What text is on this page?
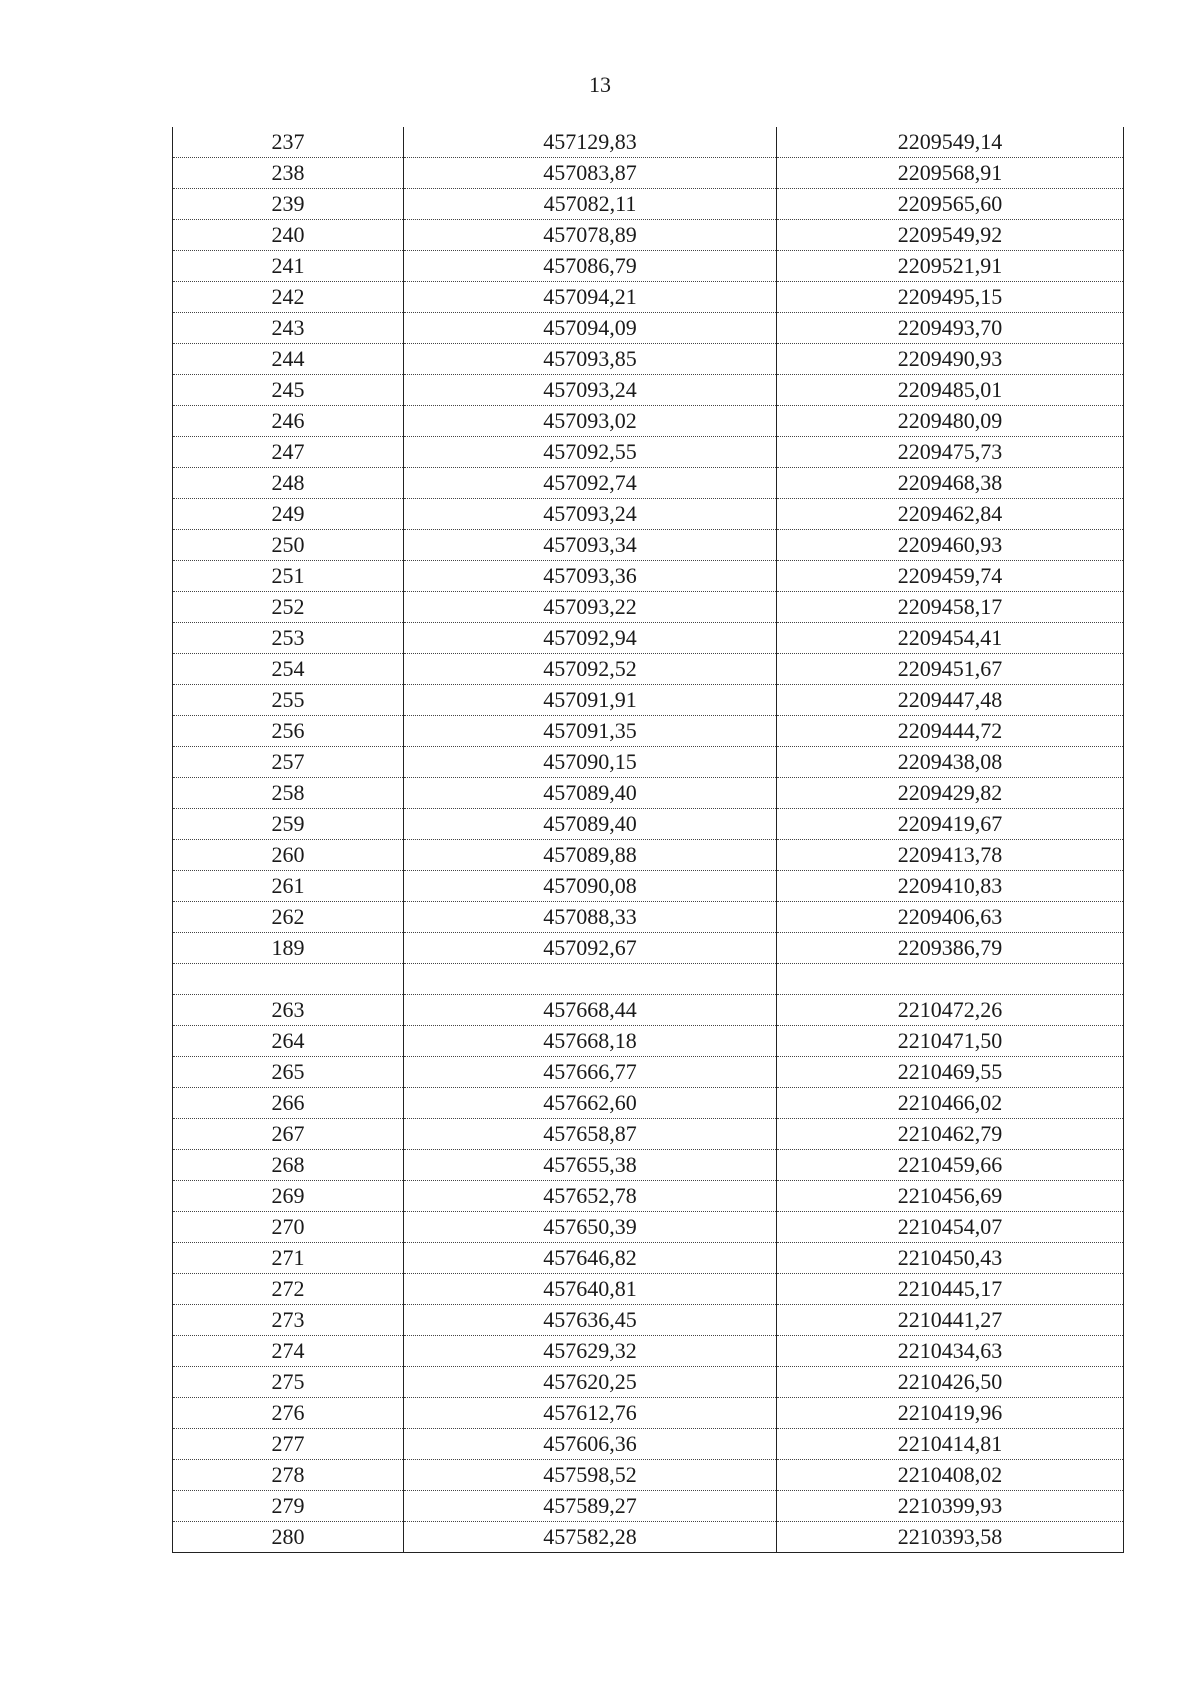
13
237	457129,83	2209549,14
238	457083,87	2209568,91
239	457082,11	2209565,60
240	457078,89	2209549,92
241	457086,79	2209521,91
242	457094,21	2209495,15
243	457094,09	2209493,70
244	457093,85	2209490,93
245	457093,24	2209485,01
246	457093,02	2209480,09
247	457092,55	2209475,73
248	457092,74	2209468,38
249	457093,24	2209462,84
250	457093,34	2209460,93
251	457093,36	2209459,74
252	457093,22	2209458,17
253	457092,94	2209454,41
254	457092,52	2209451,67
255	457091,91	2209447,48
256	457091,35	2209444,72
257	457090,15	2209438,08
258	457089,40	2209429,82
259	457089,40	2209419,67
260	457089,88	2209413,78
261	457090,08	2209410,83
262	457088,33	2209406,63
189	457092,67	2209386,79

263	457668,44	2210472,26
264	457668,18	2210471,50
265	457666,77	2210469,55
266	457662,60	2210466,02
267	457658,87	2210462,79
268	457655,38	2210459,66
269	457652,78	2210456,69
270	457650,39	2210454,07
271	457646,82	2210450,43
272	457640,81	2210445,17
273	457636,45	2210441,27
274	457629,32	2210434,63
275	457620,25	2210426,50
276	457612,76	2210419,96
277	457606,36	2210414,81
278	457598,52	2210408,02
279	457589,27	2210399,93
280	457582,28	2210393,58
